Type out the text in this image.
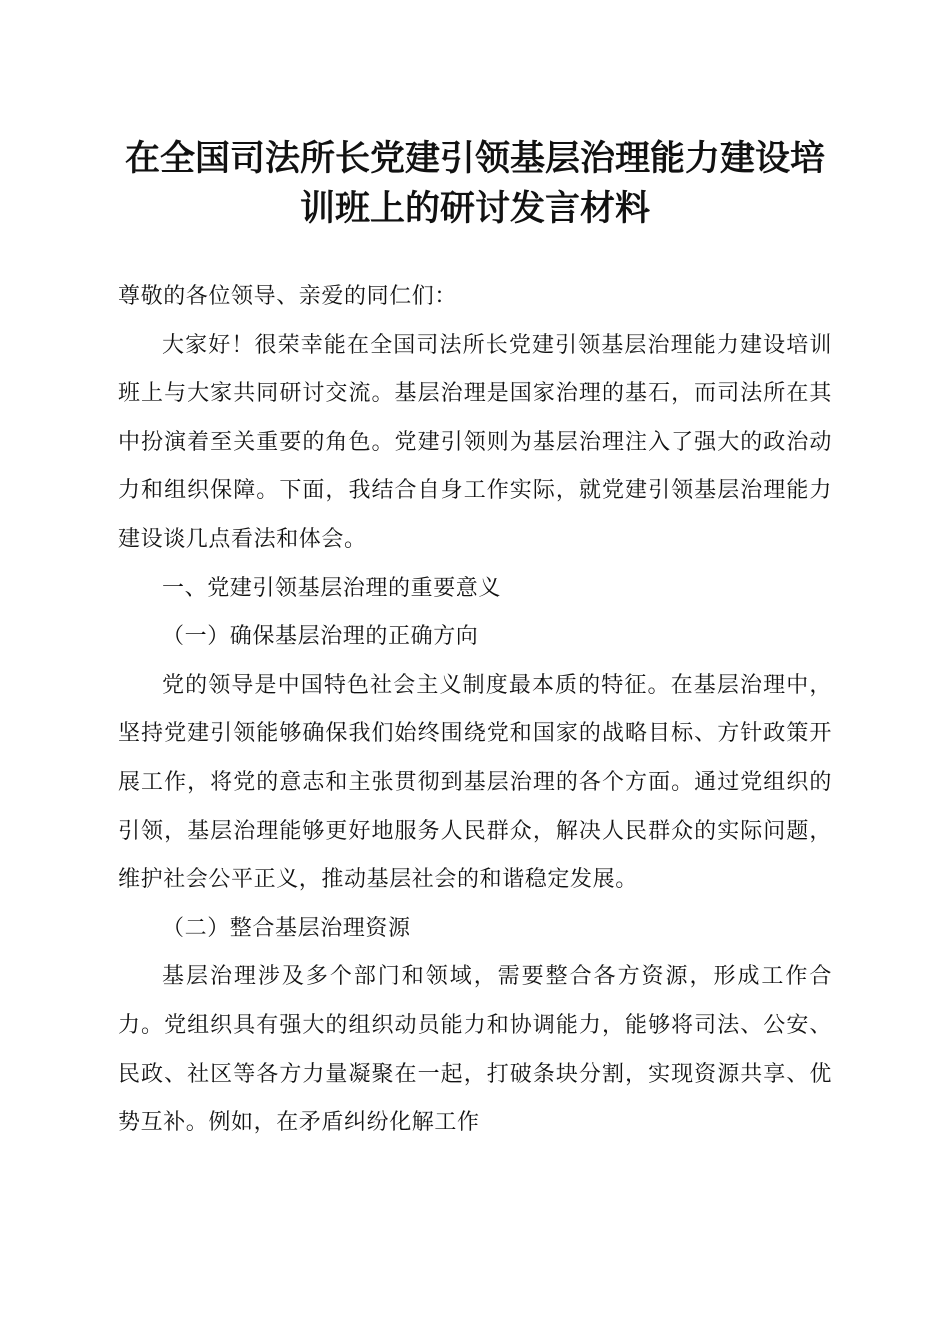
在全国司法所长党建引领基层治理能力建设培训班上的研讨发言材料

尊敬的各位领导、亲爱的同仁们：

大家好！很荣幸能在全国司法所长党建引领基层治理能力建设培训班上与大家共同研讨交流。基层治理是国家治理的基石，而司法所在其中扮演着至关重要的角色。党建引领则为基层治理注入了强大的政治动力和组织保障。下面，我结合自身工作实际，就党建引领基层治理能力建设谈几点看法和体会。

一、党建引领基层治理的重要意义

（一）确保基层治理的正确方向

党的领导是中国特色社会主义制度最本质的特征。在基层治理中，坚持党建引领能够确保我们始终围绕党和国家的战略目标、方针政策开展工作，将党的意志和主张贯彻到基层治理的各个方面。通过党组织的引领，基层治理能够更好地服务人民群众，解决人民群众的实际问题，维护社会公平正义，推动基层社会的和谐稳定发展。

（二）整合基层治理资源

基层治理涉及多个部门和领域，需要整合各方资源，形成工作合力。党组织具有强大的组织动员能力和协调能力，能够将司法、公安、民政、社区等各方力量凝聚在一起，打破条块分割，实现资源共享、优势互补。例如，在矛盾纠纷化解工作
